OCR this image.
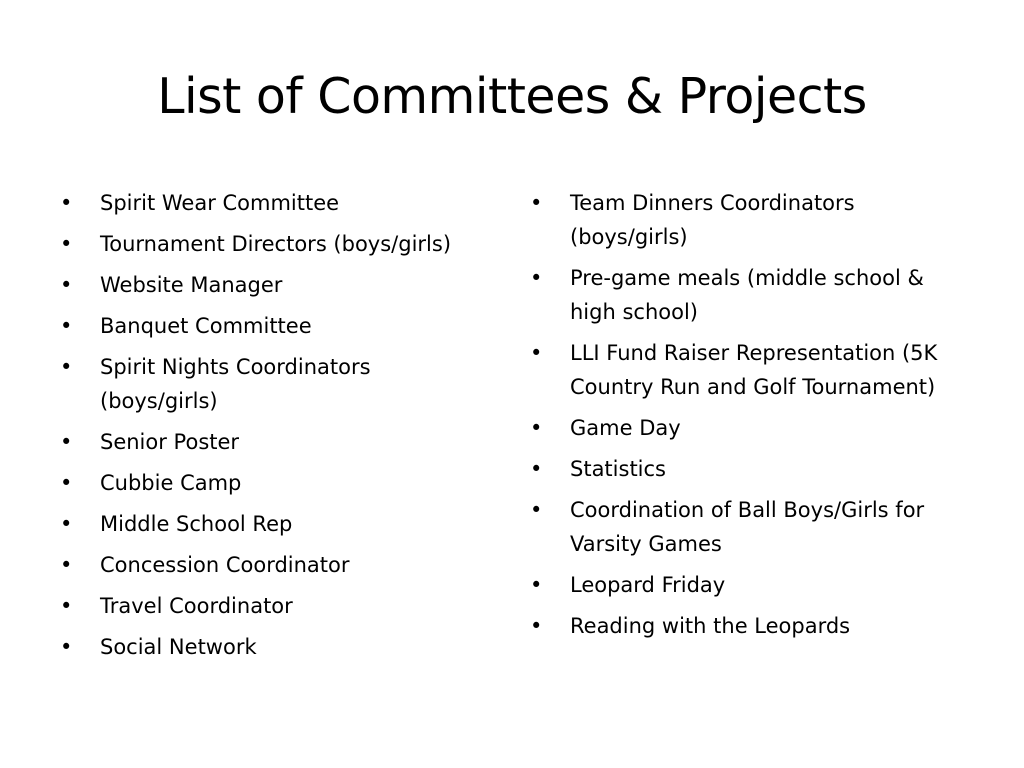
List of Committees & Projects
•	Spirit Wear Committee
•	Tournament Directors (boys/girls)
•	Website Manager
•	Banquet Committee
•	Spirit Nights Coordinators (boys/girls)
•	Senior Poster
•	Cubbie Camp
•	Middle School Rep
•	Concession Coordinator
•	Travel Coordinator
•	Social Network
•	Team Dinners Coordinators (boys/girls)
•	Pre-game meals (middle school & high school)
•	LLI Fund Raiser Representation (5K Country Run and Golf Tournament)
•	Game Day
•	Statistics
•	Coordination of Ball Boys/Girls for Varsity Games
•	Leopard Friday
•	Reading with the Leopards
